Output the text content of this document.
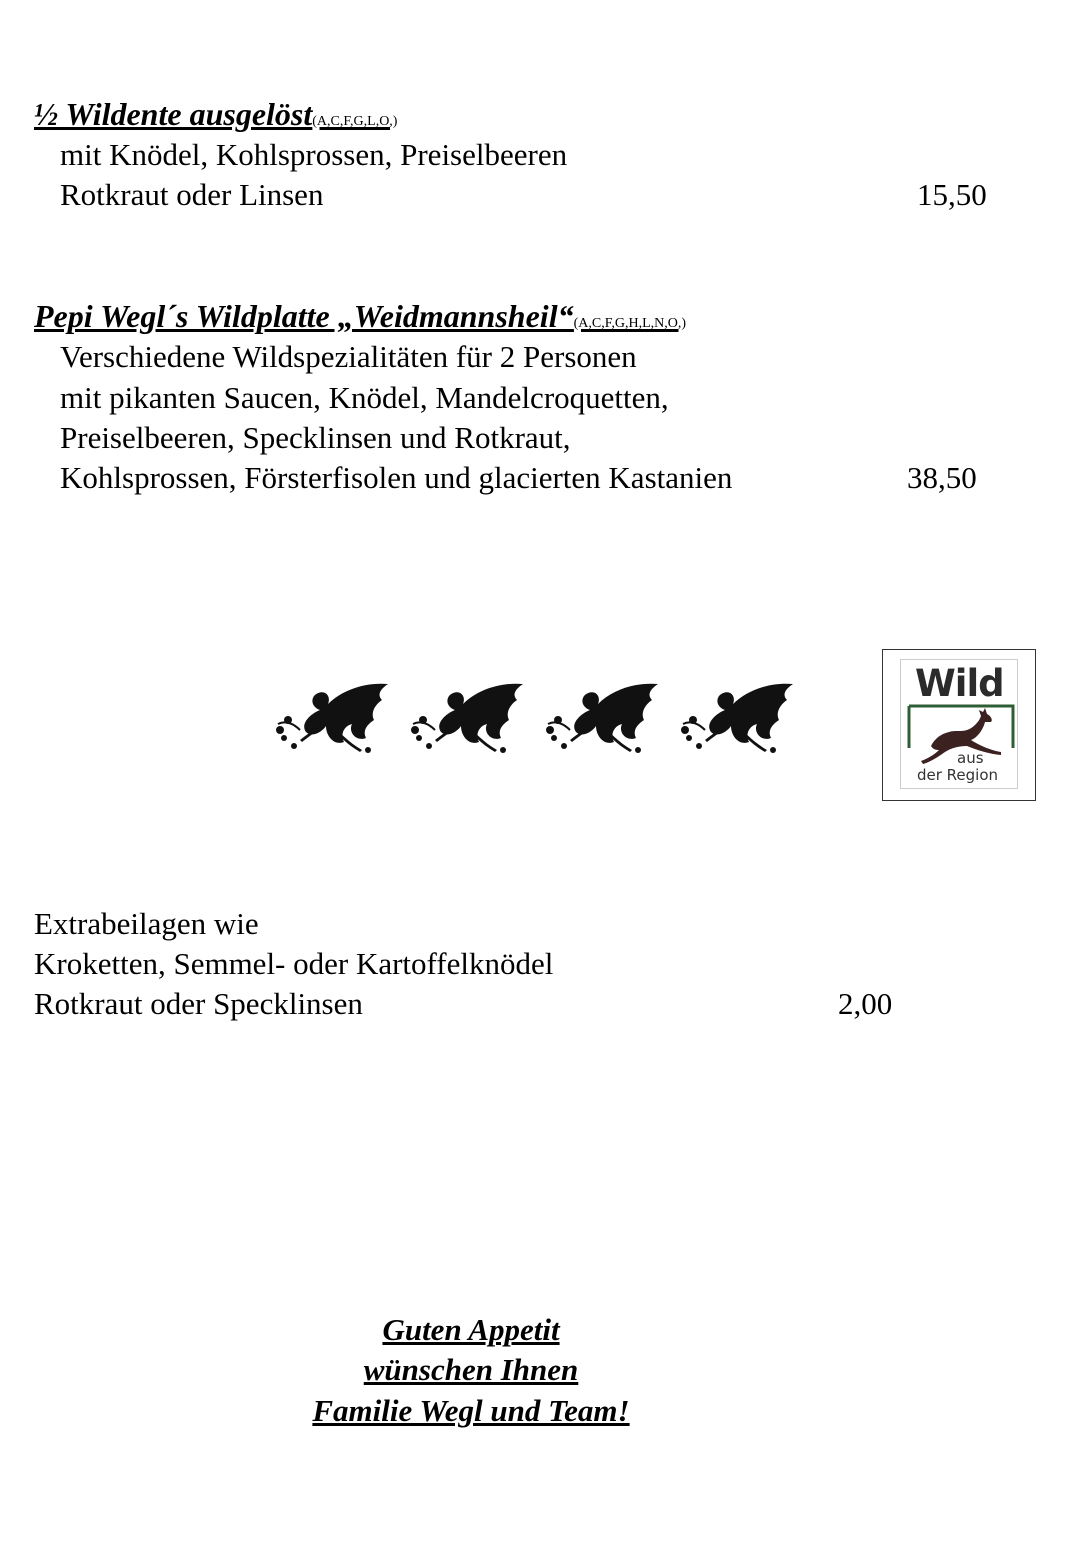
½ Wildente ausgelöst(A,C,F,G,L,O,)
mit Knödel, Kohlsprossen, Preiselbeeren
Rotkraut oder Linsen	15,50
Pepi Wegl´s Wildplatte „Weidmannsheil“(A,C,F,G,H,L,N,O,)
Verschiedene Wildspezialitäten für 2 Personen
mit pikanten Saucen, Knödel, Mandelcroquetten,
Preiselbeeren, Specklinsen und Rotkraut,
Kohlsprossen, Försterfisolen und glacierten Kastanien	38,50
Wild
aus
der Region
Extrabeilagen wie
Kroketten, Semmel- oder Kartoffelknödel
Rotkraut oder Specklinsen	2,00
Guten Appetit
wünschen Ihnen
Familie Wegl und Team!
